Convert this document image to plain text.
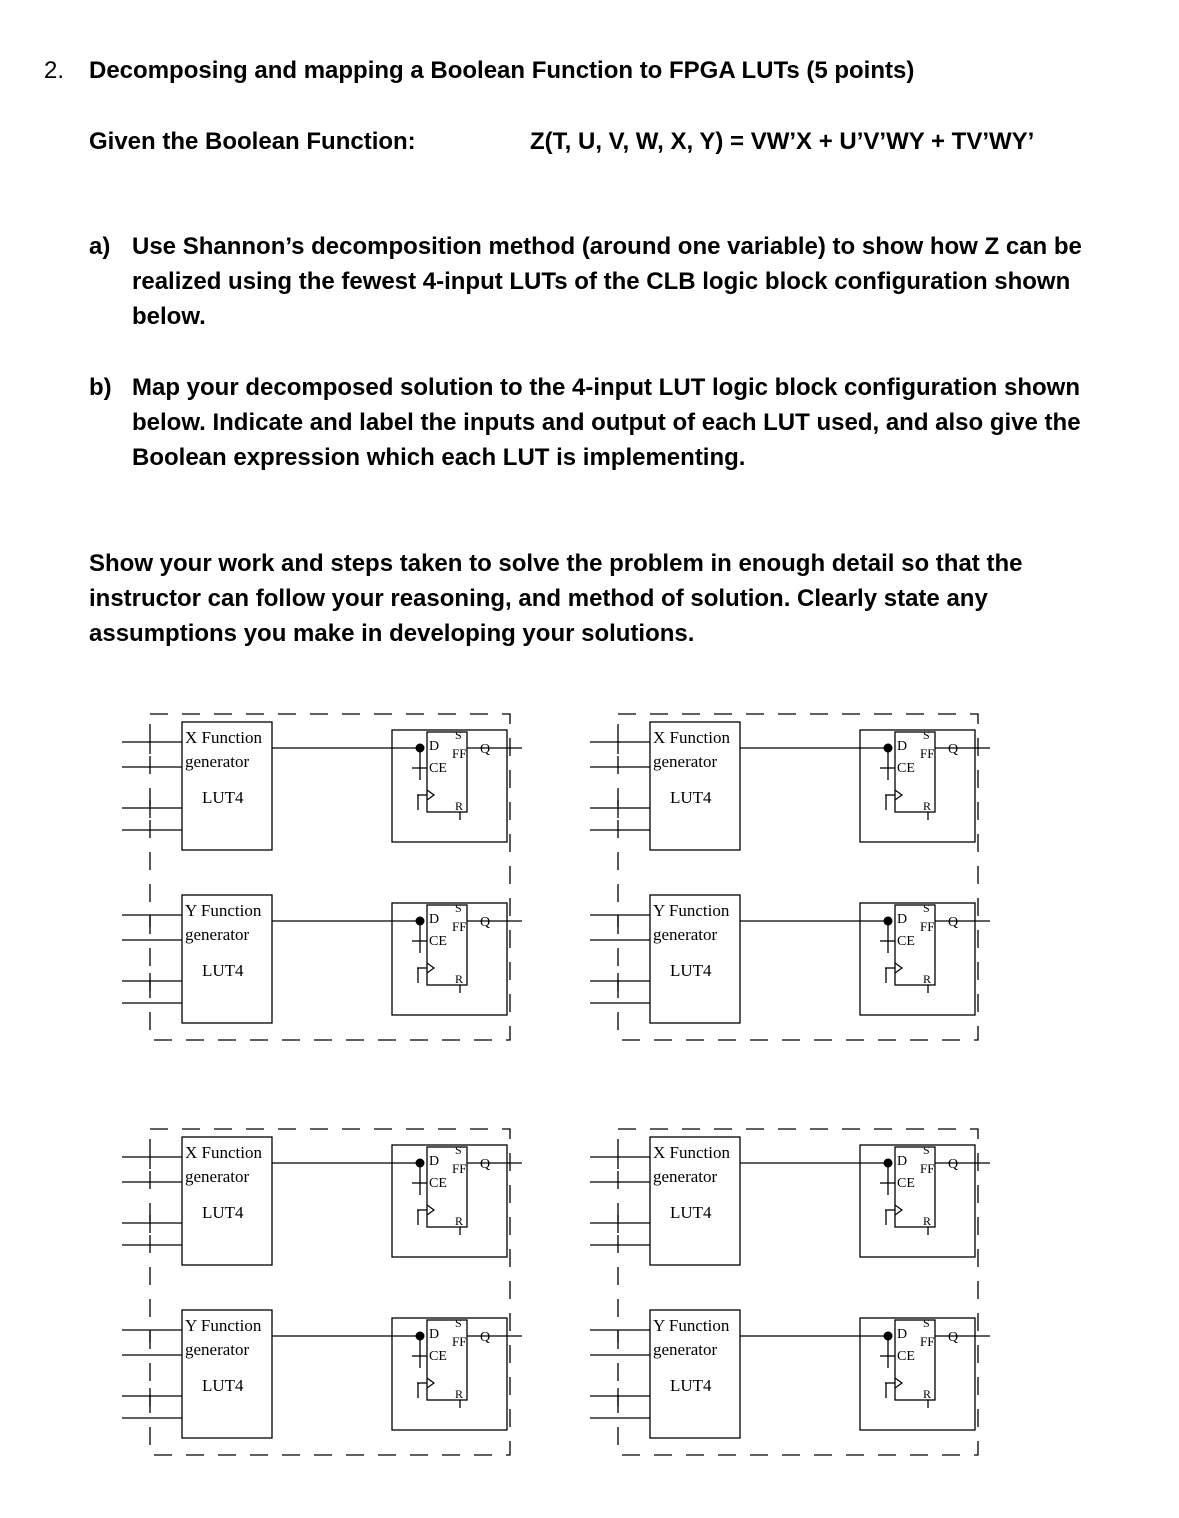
2. Decomposing and mapping a Boolean Function to FPGA LUTs (5 points)
Given the Boolean Function:	Z(T, U, V, W, X, Y) = VW’X + U’V’WY + TV’WY’
a) Use Shannon’s decomposition method (around one variable) to show how Z can be realized using the fewest 4-input LUTs of the CLB logic block configuration shown below.
b) Map your decomposed solution to the 4-input LUT logic block configuration shown below. Indicate and label the inputs and output of each LUT used, and also give the Boolean expression which each LUT is implementing.
Show your work and steps taken to solve the problem in enough detail so that the instructor can follow your reasoning, and method of solution. Clearly state any assumptions you make in developing your solutions.
X Function
generator
LUT4
D
S
FF Q
CE
R
Y Function
generator
LUT4
D
S
FF Q
CE
R
X Function
generator
LUT4
D
S
FF Q
CE
R
Y Function
generator
LUT4
D
S
FF Q
CE
R
X Function
generator
LUT4
D
S
FF Q
CE
R
Y Function
generator
LUT4
D
S
FF Q
CE
R
X Function
generator
LUT4
D
S
FF Q
CE
R
Y Function
generator
LUT4
D
S
FF Q
CE
R
